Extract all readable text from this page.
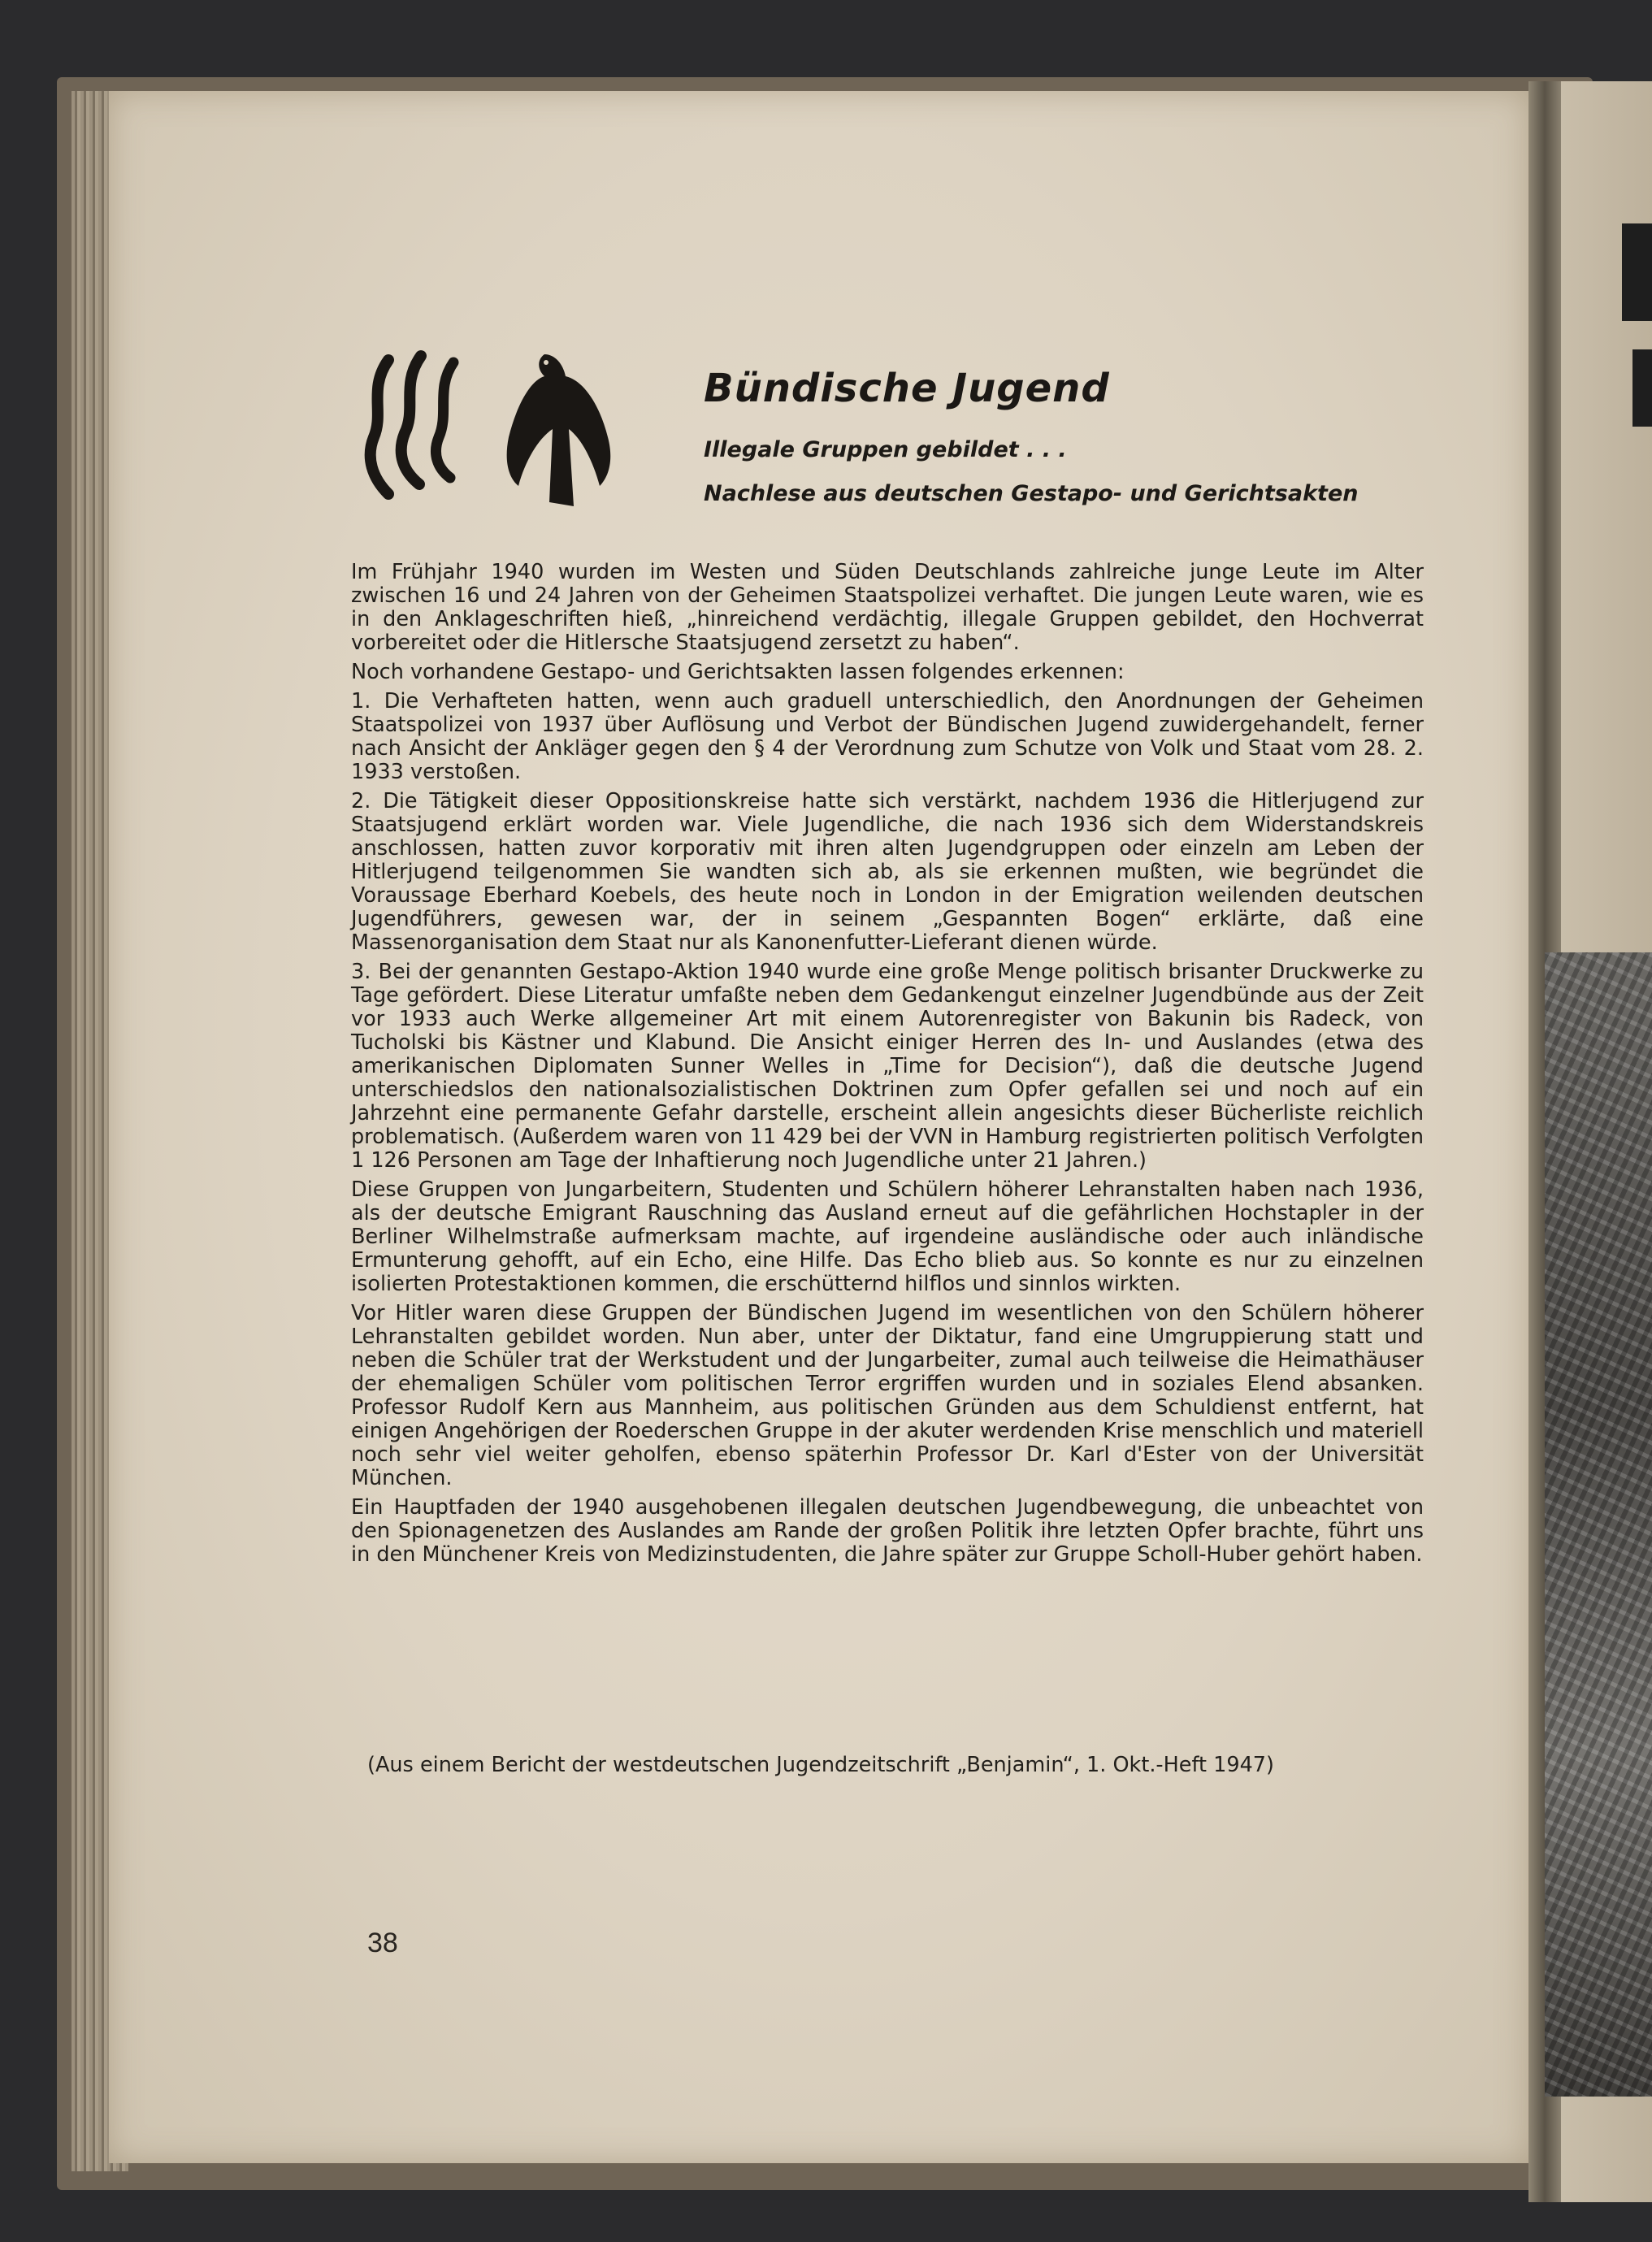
Bündische Jugend

Illegale Gruppen gebildet . . .

Nachlese aus deutschen Gestapo- und Gerichtsakten

Im Frühjahr 1940 wurden im Westen und Süden Deutschlands zahlreiche junge Leute im Alter zwischen 16 und 24 Jahren von der Geheimen Staatspolizei verhaftet. Die jungen Leute waren, wie es in den Anklageschriften hieß, „hinreichend verdächtig, illegale Gruppen gebildet, den Hochverrat vorbereitet oder die Hitlersche Staatsjugend zersetzt zu haben“.

Noch vorhandene Gestapo- und Gerichtsakten lassen folgendes erkennen:

1. Die Verhafteten hatten, wenn auch graduell unterschiedlich, den Anordnungen der Geheimen Staatspolizei von 1937 über Auflösung und Verbot der Bündischen Jugend zuwidergehandelt, ferner nach Ansicht der Ankläger gegen den § 4 der Verordnung zum Schutze von Volk und Staat vom 28. 2. 1933 verstoßen.

2. Die Tätigkeit dieser Oppositionskreise hatte sich verstärkt, nachdem 1936 die Hitlerjugend zur Staatsjugend erklärt worden war. Viele Jugendliche, die nach 1936 sich dem Widerstandskreis anschlossen, hatten zuvor korporativ mit ihren alten Jugendgruppen oder einzeln am Leben der Hitlerjugend teilgenommen Sie wandten sich ab, als sie erkennen mußten, wie begründet die Voraussage Eberhard Koebels, des heute noch in London in der Emigration weilenden deutschen Jugendführers, gewesen war, der in seinem „Gespannten Bogen“ erklärte, daß eine Massenorganisation dem Staat nur als Kanonenfutter-Lieferant dienen würde.

3. Bei der genannten Gestapo-Aktion 1940 wurde eine große Menge politisch brisanter Druckwerke zu Tage gefördert. Diese Literatur umfaßte neben dem Gedankengut einzelner Jugendbünde aus der Zeit vor 1933 auch Werke allgemeiner Art mit einem Autorenregister von Bakunin bis Radeck, von Tucholski bis Kästner und Klabund. Die Ansicht einiger Herren des In- und Auslandes (etwa des amerikanischen Diplomaten Sunner Welles in „Time for Decision“), daß die deutsche Jugend unterschiedslos den nationalsozialistischen Doktrinen zum Opfer gefallen sei und noch auf ein Jahrzehnt eine permanente Gefahr darstelle, erscheint allein angesichts dieser Bücherliste reichlich problematisch. (Außerdem waren von 11 429 bei der VVN in Hamburg registrierten politisch Verfolgten 1 126 Personen am Tage der Inhaftierung noch Jugendliche unter 21 Jahren.)

Diese Gruppen von Jungarbeitern, Studenten und Schülern höherer Lehranstalten haben nach 1936, als der deutsche Emigrant Rauschning das Ausland erneut auf die gefährlichen Hochstapler in der Berliner Wilhelmstraße aufmerksam machte, auf irgendeine ausländische oder auch inländische Ermunterung gehofft, auf ein Echo, eine Hilfe. Das Echo blieb aus. So konnte es nur zu einzelnen isolierten Protestaktionen kommen, die erschütternd hilflos und sinnlos wirkten.

Vor Hitler waren diese Gruppen der Bündischen Jugend im wesentlichen von den Schülern höherer Lehranstalten gebildet worden. Nun aber, unter der Diktatur, fand eine Umgruppierung statt und neben die Schüler trat der Werkstudent und der Jungarbeiter, zumal auch teilweise die Heimathäuser der ehemaligen Schüler vom politischen Terror ergriffen wurden und in soziales Elend absanken. Professor Rudolf Kern aus Mannheim, aus politischen Gründen aus dem Schuldienst entfernt, hat einigen Angehörigen der Roederschen Gruppe in der akuter werdenden Krise menschlich und materiell noch sehr viel weiter geholfen, ebenso späterhin Professor Dr. Karl d'Ester von der Universität München.

Ein Hauptfaden der 1940 ausgehobenen illegalen deutschen Jugendbewegung, die unbeachtet von den Spionagenetzen des Auslandes am Rande der großen Politik ihre letzten Opfer brachte, führt uns in den Münchener Kreis von Medizinstudenten, die Jahre später zur Gruppe Scholl-Huber gehört haben.

(Aus einem Bericht der westdeutschen Jugendzeitschrift „Benjamin“, 1. Okt.-Heft 1947)

38
